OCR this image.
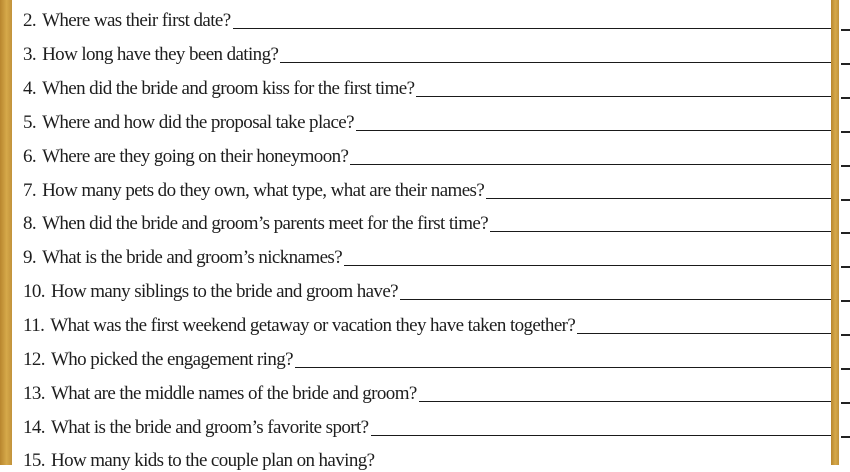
2. Where was their first date?
3. How long have they been dating?
4. When did the bride and groom kiss for the first time?
5. Where and how did the proposal take place?
6. Where are they going on their honeymoon?
7. How many pets do they own, what type, what are their names?
8. When did the bride and groom’s parents meet for the first time?
9. What is the bride and groom’s nicknames?
10. How many siblings to the bride and groom have?
11. What was the first weekend getaway or vacation they have taken together?
12. Who picked the engagement ring?
13. What are the middle names of the bride and groom?
14. What is the bride and groom’s favorite sport?
15. How many kids to the couple plan on having?
